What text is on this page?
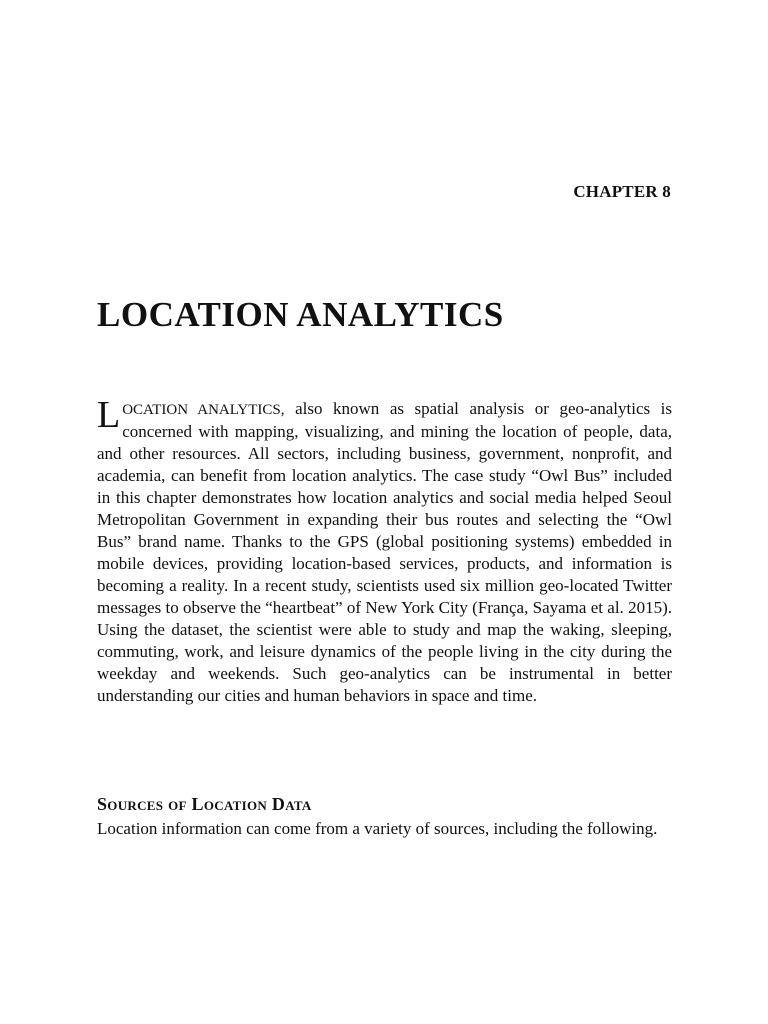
CHAPTER 8
LOCATION ANALYTICS

LOCATION ANALYTICS, also known as spatial analysis or geo-analytics is concerned with mapping, visualizing, and mining the location of people, data, and other resources. All sectors, including business, government, nonprofit, and academia, can benefit from location analytics. The case study “Owl Bus” included in this chapter demonstrates how location analytics and social media helped Seoul Metropolitan Government in expanding their bus routes and selecting the “Owl Bus” brand name. Thanks to the GPS (global positioning systems) embedded in mobile devices, providing location-based services, products, and information is becoming a reality. In a recent study, scientists used six million geo-located Twitter messages to observe the “heartbeat” of New York City (França, Sayama et al. 2015). Using the dataset, the scientist were able to study and map the waking, sleeping, commuting, work, and leisure dynamics of the people living in the city during the weekday and weekends. Such geo-analytics can be instrumental in better understanding our cities and human behaviors in space and time.

Sources of Location Data

Location information can come from a variety of sources, including the following.
